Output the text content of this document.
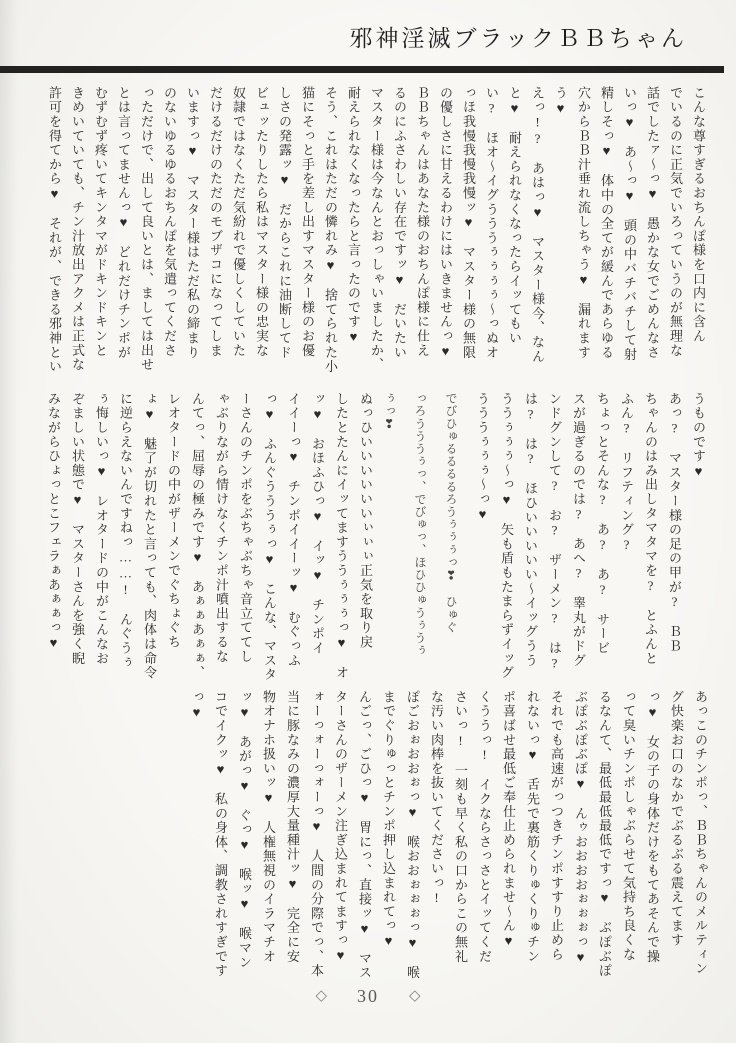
邪神淫滅ブラックＢＢちゃん

こんな尊すぎるおちんぽ様を口内に含ん

でいるのに正気でいろっていうのが無理な

話でしたァ〜っ♥　愚かな女でごめんなさ

いっ♥　あ〜っ♥　頭の中バチバチして射

精しそっ♥　体中の全てが緩んであらゆる

穴からＢＢ汁垂れ流しちゃう♥　漏れます

う♥

えっ!?　あはっ♥　マスター様今、なん

と♥　耐えられなくなったらイッてもい

い?　ほオ〜イグうううぅぅぅぅ〜っぬオ

っほ我慢我慢我慢ッ♥　マスター様の無限

の優しさに甘えるわけにはいきませんっ♥

ＢＢちゃんはあなた様のおちんぽ様に仕え

るのにふさわしい存在ですッ♥　だいたい

マスター様は今なんとおっしゃいましたか、

耐えられなくなったらと言ったのです♥

そう、これはただの憐れみ♥　捨てられた小

猫にそっと手を差し出すマスター様のお優

しさの発露ッ♥　だからこれに油断してド

ビュッたりしたら私はマスター様の忠実な

奴隷ではなくただ気紛れで優しくしていた

だけるだけのただのモブザコになってしま

いますっ♥　マスター様はただ私の締まり

のないゆるゆるおちんぽを気遣ってくださ

っただけで、出して良いとは、ましては出せ

とは言ってませんっ♥　どれだけチンポが

むずむず疼いてキンタマがドキンドキンと

きめいていても、チン汁放出アクメは正式な

許可を得てから♥　それが、できる邪神とい

うものです♥

あっ?　マスター様の足の甲が?　ＢＢ

ちゃんのはみ出しタマタマを?　とふんと

ふん?　リフティング?

ちょっとそんな?　あ?　あ?　サービ

スが過ぎるのでは?　あへ?　睾丸がドグ

ンドグンして?　お?　ザーメン?　は?

は?　は?　ほひいいいいい〜イッグうう

ううぅぅぅ〜っ♥　矢も盾もたまらずイッグ

うううぅぅぅ〜っ♥

でびひゅるるるるろうぅぅぅっ❣　ひゅぐ

っろうううぅっ、でびゅっ、ほひひゅうぅうぅ

ぅっ❣

ぬっひいいいいいいぃぃぃ正気を取り戻

したとたんにイッてますううぅぅぅっ♥　オ

ッ♥　おほふひっ♥　イッ♥　チンポイ

イイーっ♥　チンポイイーッ♥　むぐっふ

っ♥　ふんぐうううぅっ♥　こんな、マスタ

ーさんのチンポをぶちゃぶちゃ音立ててし

ゃぶりながら情けなくチンポ汁噴出するな

んてっ、屈辱の極みです♥　あぁぁあぁぁ、

レオタードの中がザーメンでぐちょぐち

ょ♥　魅了が切れたと言っても、肉体は命令

に逆らえないんですねっ……!　んぐうぅ

ぅ悔しいっ♥　レオタードの中がこんなお

ぞましい状態で♥　マスターさんを強く睨

みながらひょっとこフェラぁあぁぁっ♥

あっこのチンポっ、ＢＢちゃんのメルティン

グ快楽お口のなかでぶるぶる震えてます

っ♥　女の子の身体だけをもてあそんで操

って臭いチンポしゃぶらせて気持ち良くな

るなんて、最低最低最低ですっ♥　ぶぽぶぽ

ぶぽぶぽぶぽ♥　んゥおおおおぉぉぉっ♥

それでも高速がっつきチンポすすり止めら

れないっ♥　舌先で裏筋くりゅくりゅチン

ポ喜ばせ最低ご奉仕止められませ〜ん♥

くううっ!　イクならさっさとイッてくだ

さいっ!　一刻も早く私の口からこの無礼

な汚い肉棒を抜いてくださいっ!

ぽごおぉおおぉっ♥　喉おおぉぉぉっ♥　喉

までぐりゅっとチンポ押し込まれてっ♥

んごっ、ごひっ♥　胃にっ、直接ッ♥　マス

ターさんのザーメン注ぎ込まれてますっ♥

ォーっォーっォーっ♥　人間の分際でっ、本

当に豚なみの濃厚大量種汁ッ♥　完全に安

物オナホ扱いッ♥　人権無視のイラマチオ

ッ♥　あがっ♥　ぐっ♥　喉ッ♥　喉マン

コでイクッ♥　私の身体、調教されすぎです

っ♥

◇ 30 ◇
